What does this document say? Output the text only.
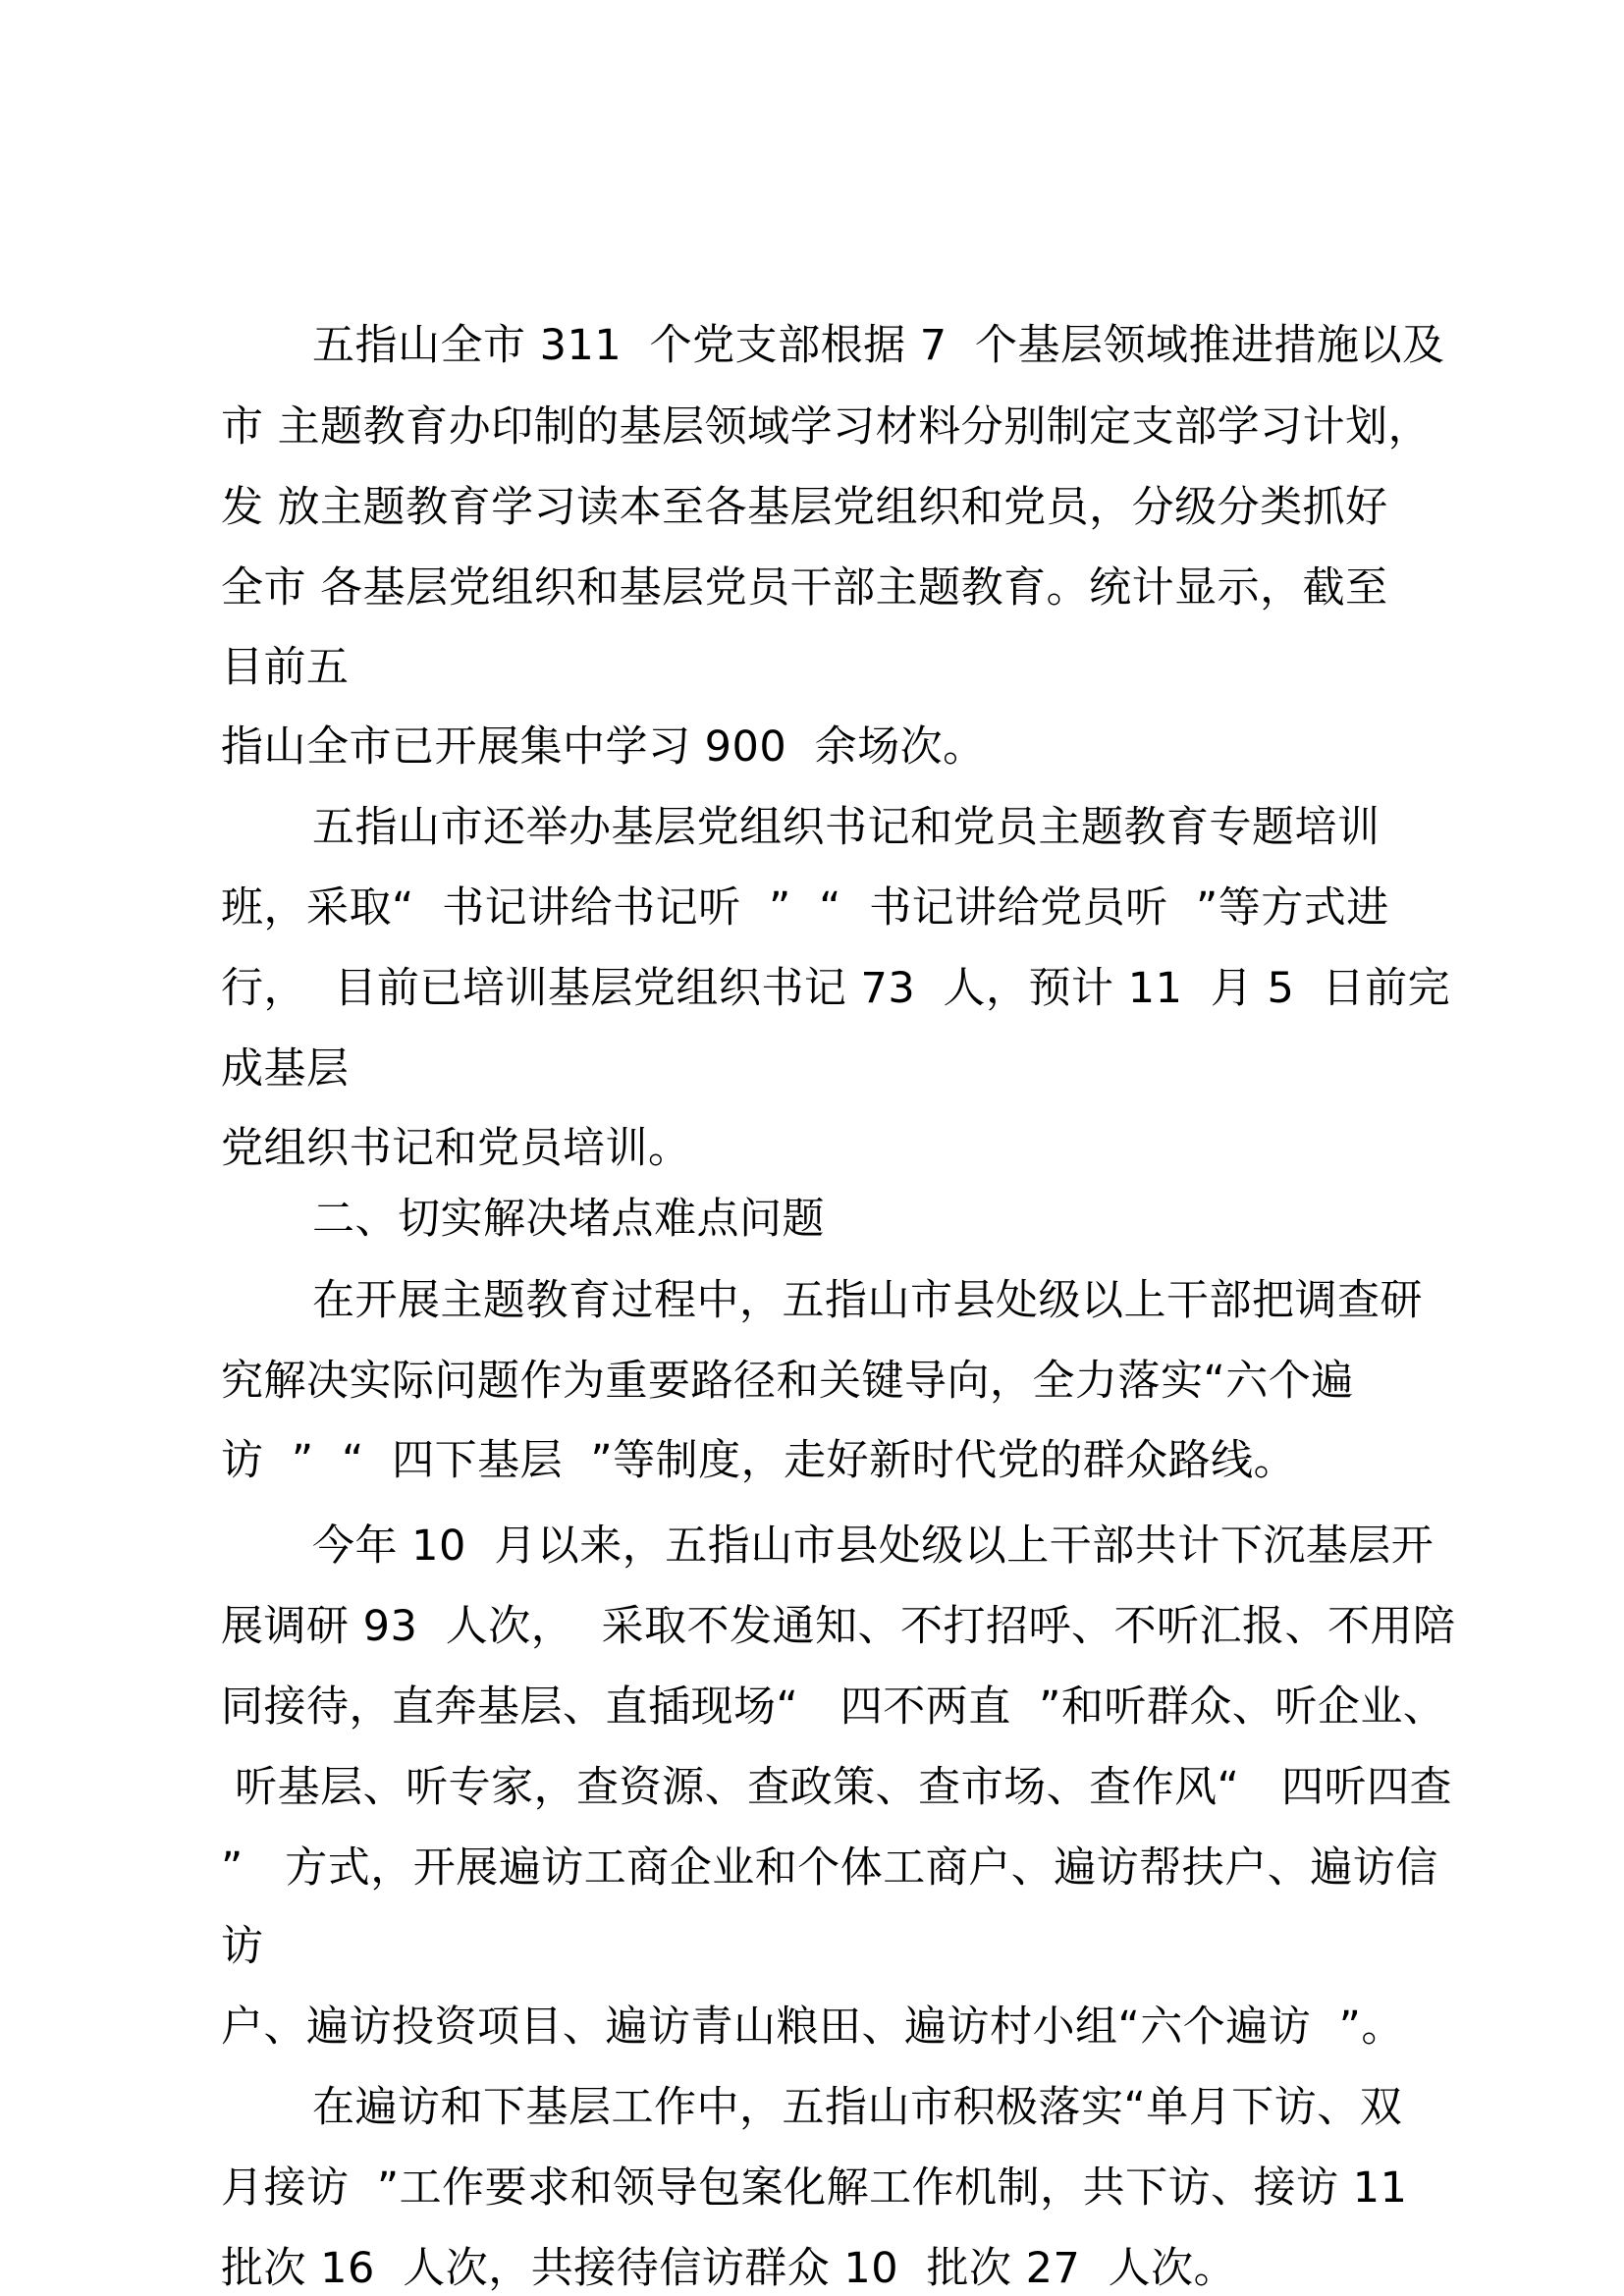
五指山全市 311  个党支部根据 7  个基层领域推进措施以及
市 主题教育办印制的基层领域学习材料分别制定支部学习计划，
发 放主题教育学习读本至各基层党组织和党员，分级分类抓好
全市 各基层党组织和基层党员干部主题教育。统计显示，截至
目前五
指山全市已开展集中学习 900  余场次。
五指山市还举办基层党组织书记和党员主题教育专题培训
班，采取“  书记讲给书记听  ”  “  书记讲给党员听  ”等方式进
行，  目前已培训基层党组织书记 73  人，预计 11  月 5  日前完
成基层
党组织书记和党员培训。
二、切实解决堵点难点问题
在开展主题教育过程中，五指山市县处级以上干部把调查研
究解决实际问题作为重要路径和关键导向，全力落实“六个遍
访  ”  “  四下基层  ”等制度，走好新时代党的群众路线。
今年 10  月以来，五指山市县处级以上干部共计下沉基层开
展调研 93  人次，  采取不发通知、不打招呼、不听汇报、不用陪
同接待，直奔基层、直插现场“   四不两直  ”和听群众、听企业、
听基层、听专家，查资源、查政策、查市场、查作风“   四听四查
”   方式，开展遍访工商企业和个体工商户、遍访帮扶户、遍访信
访
户、遍访投资项目、遍访青山粮田、遍访村小组“六个遍访  ”。
在遍访和下基层工作中，五指山市积极落实“单月下访、双
月接访  ”工作要求和领导包案化解工作机制，共下访、接访 11
批次 16  人次，共接待信访群众 10  批次 27  人次。
